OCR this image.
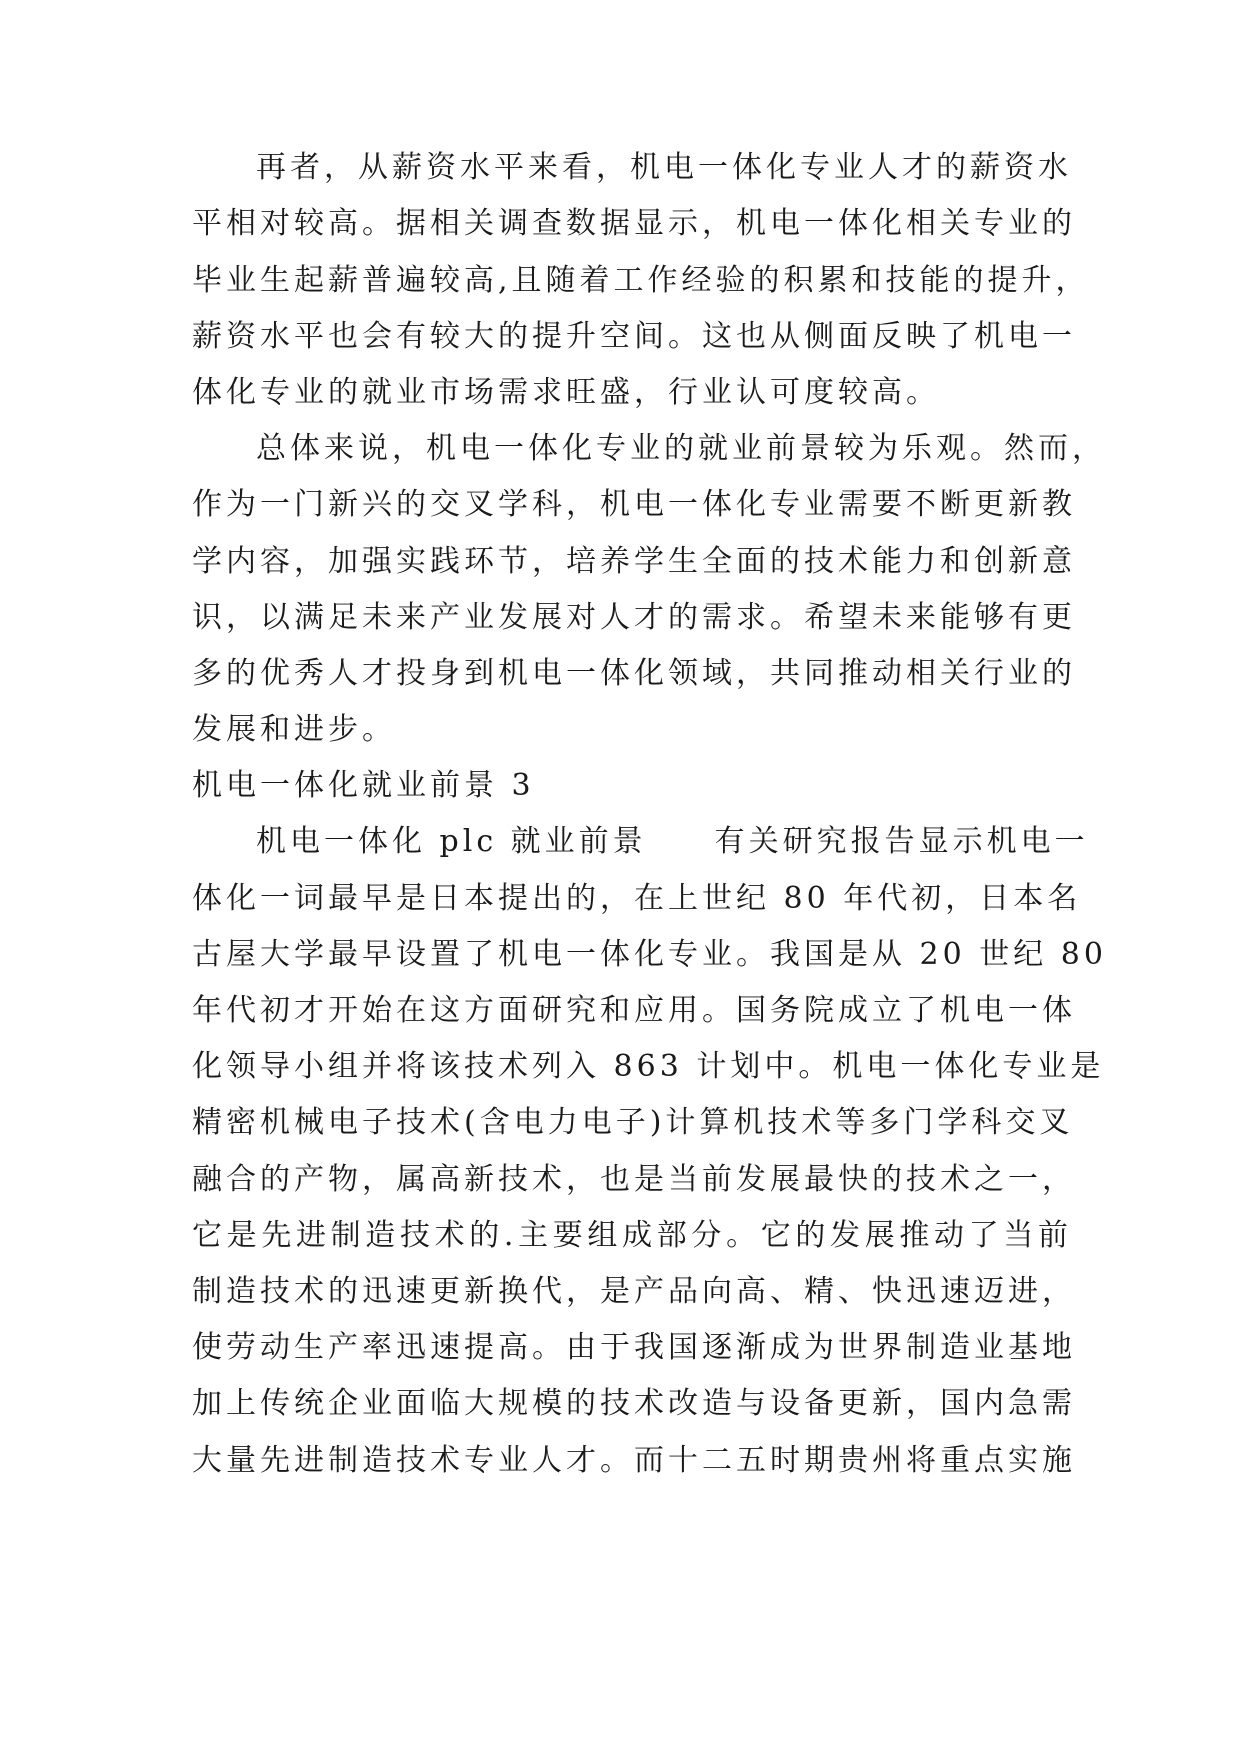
再者，从薪资水平来看，机电一体化专业人才的薪资水
平相对较高。据相关调查数据显示，机电一体化相关专业的
毕业生起薪普遍较高,且随着工作经验的积累和技能的提升，
薪资水平也会有较大的提升空间。这也从侧面反映了机电一
体化专业的就业市场需求旺盛，行业认可度较高。
总体来说，机电一体化专业的就业前景较为乐观。然而，
作为一门新兴的交叉学科，机电一体化专业需要不断更新教
学内容，加强实践环节，培养学生全面的技术能力和创新意
识，以满足未来产业发展对人才的需求。希望未来能够有更
多的优秀人才投身到机电一体化领域，共同推动相关行业的
发展和进步。
机电一体化就业前景 3
机电一体化 plc 就业前景　　有关研究报告显示机电一
体化一词最早是日本提出的，在上世纪 80 年代初，日本名
古屋大学最早设置了机电一体化专业。我国是从 20 世纪 80
年代初才开始在这方面研究和应用。国务院成立了机电一体
化领导小组并将该技术列入 863 计划中。机电一体化专业是
精密机械电子技术(含电力电子)计算机技术等多门学科交叉
融合的产物，属高新技术，也是当前发展最快的技术之一，
它是先进制造技术的.主要组成部分。它的发展推动了当前
制造技术的迅速更新换代，是产品向高、精、快迅速迈进，
使劳动生产率迅速提高。由于我国逐渐成为世界制造业基地
加上传统企业面临大规模的技术改造与设备更新，国内急需
大量先进制造技术专业人才。而十二五时期贵州将重点实施
